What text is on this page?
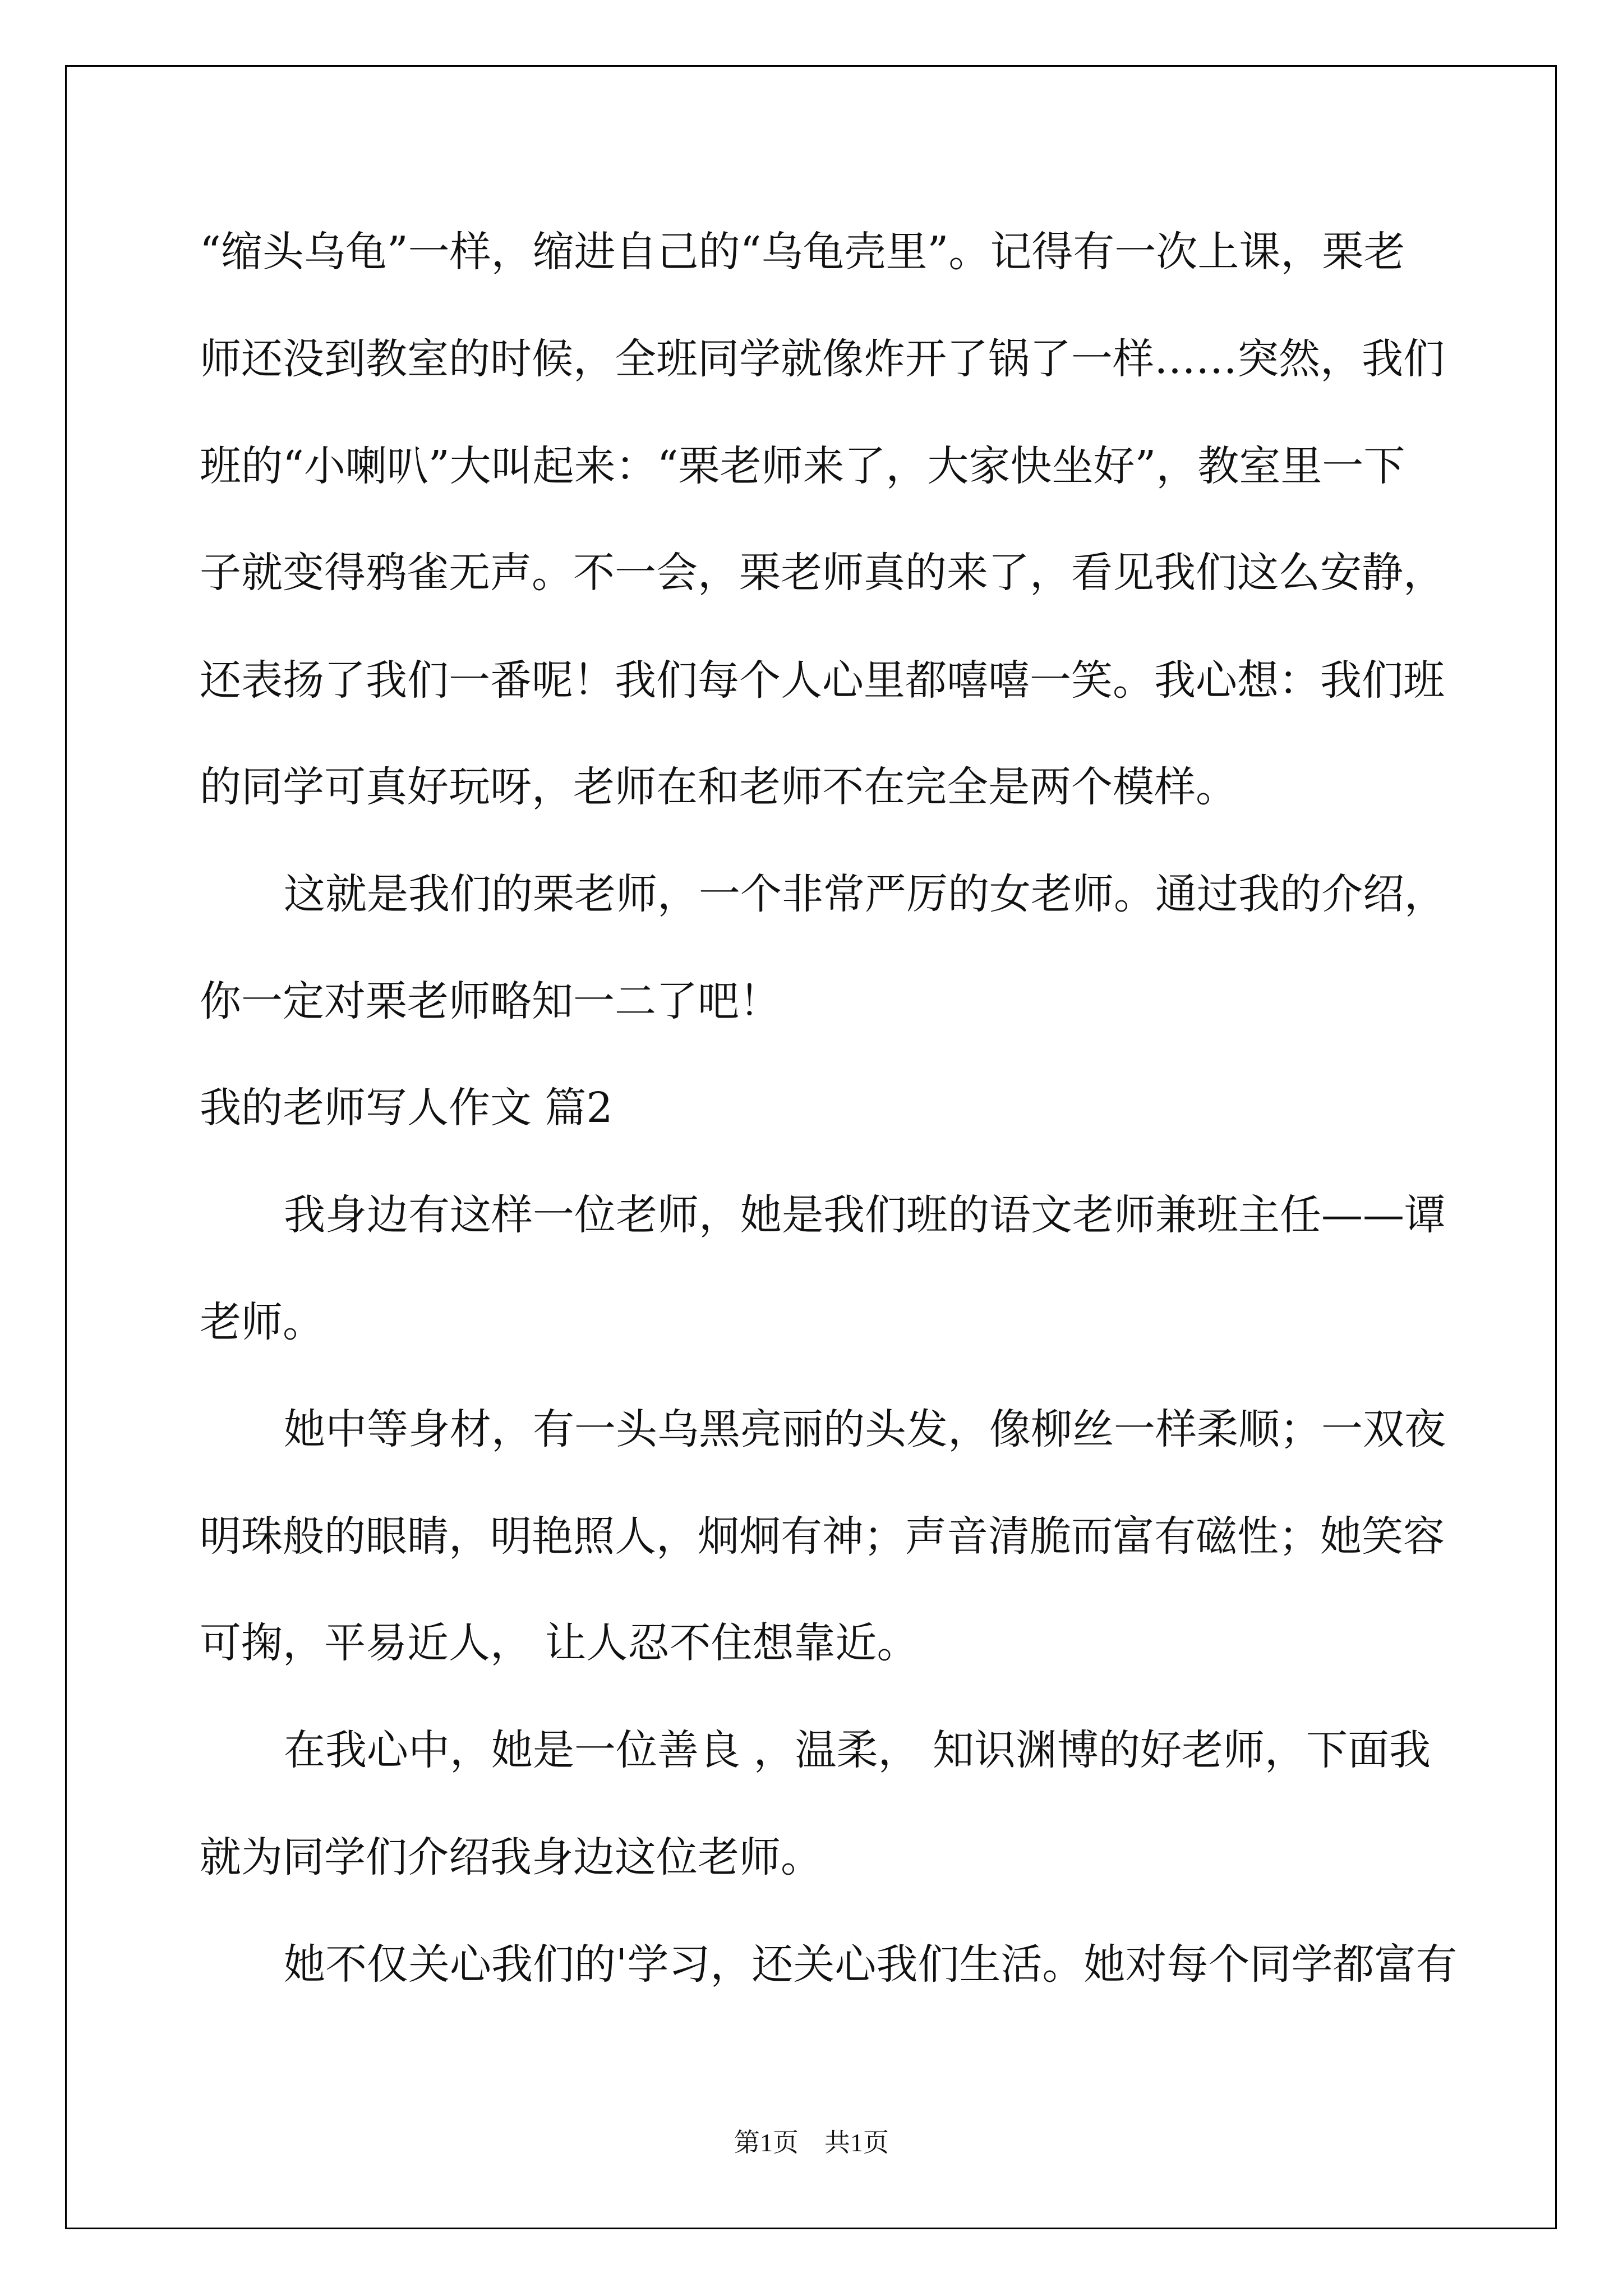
“缩头乌龟”一样，缩进自己的“乌龟壳里”。记得有一次上课，栗老

师还没到教室的时候，全班同学就像炸开了锅了一样……突然，我们

班的“小喇叭”大叫起来：“栗老师来了，大家快坐好”，教室里一下

子就变得鸦雀无声。不一会，栗老师真的来了，看见我们这么安静，

还表扬了我们一番呢！我们每个人心里都嘻嘻一笑。我心想：我们班

的同学可真好玩呀，老师在和老师不在完全是两个模样。

这就是我们的栗老师，一个非常严厉的女老师。通过我的介绍，

你一定对栗老师略知一二了吧！

我的老师写人作文 篇2

我身边有这样一位老师，她是我们班的语文老师兼班主任——谭

老师。

她中等身材，有一头乌黑亮丽的头发，像柳丝一样柔顺；一双夜

明珠般的眼睛，明艳照人，炯炯有神；声音清脆而富有磁性；她笑容

可掬，平易近人， 让人忍不住想靠近。

在我心中，她是一位善良 ，温柔， 知识渊博的好老师，下面我

就为同学们介绍我身边这位老师。

她不仅关心我们的'学习，还关心我们生活。她对每个同学都富有

第1页　共1页
